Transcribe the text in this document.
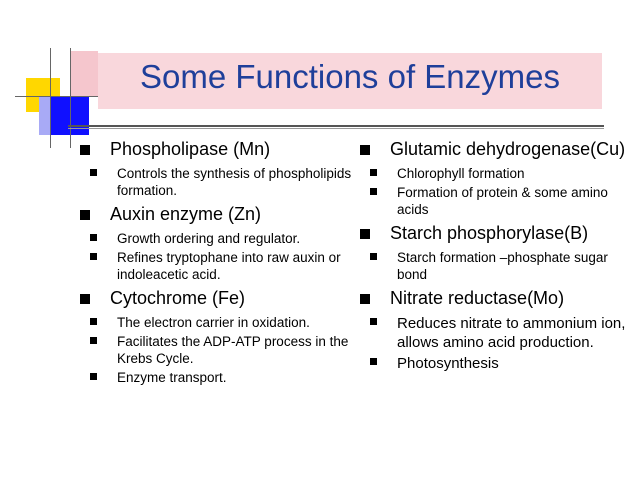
Some Functions of Enzymes
Phospholipase (Mn)
Controls the synthesis of phospholipids formation.
Auxin enzyme (Zn)
Growth ordering and regulator.
Refines tryptophane into raw auxin or indoleacetic acid.
Cytochrome (Fe)
The electron carrier in oxidation.
Facilitates the ADP-ATP process in the Krebs Cycle.
Enzyme transport.
Glutamic dehydrogenase(Cu)
Chlorophyll formation
Formation of protein & some amino acids
Starch phosphorylase(B)
Starch formation –phosphate sugar bond
Nitrate reductase(Mo)
Reduces nitrate to ammonium ion, allows amino acid production.
Photosynthesis
